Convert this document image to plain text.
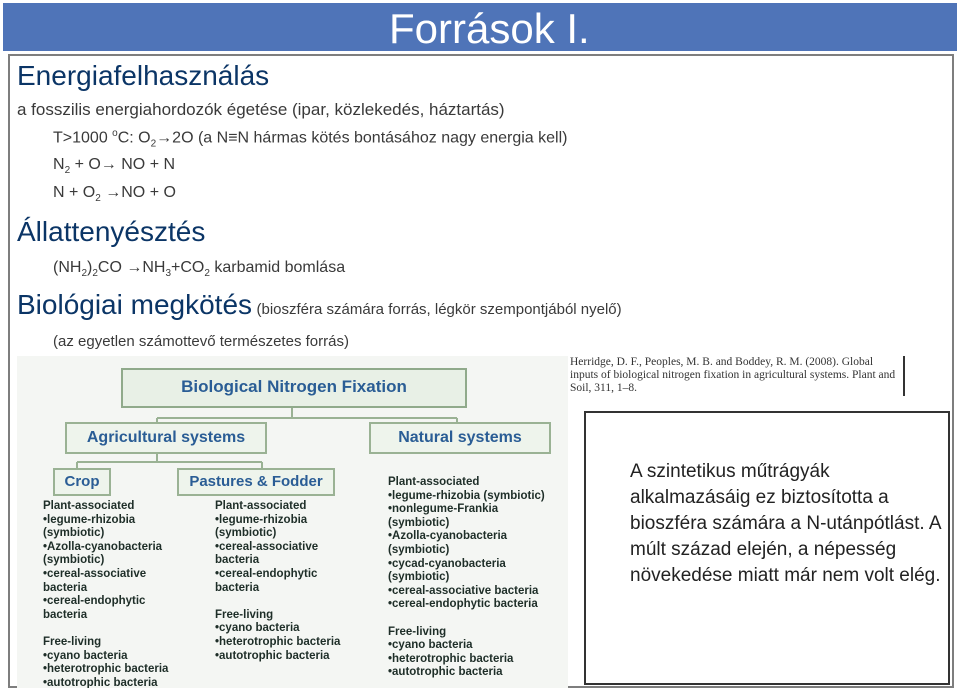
Források I.
Energiafelhasználás
a fosszilis energiahordozók égetése (ipar, közlekedés, háztartás)
T>1000 $^o$C: $O_2\to 2O$ (a N≡N hármas kötés bontásához nagy energia kell)
$N_2 + O\to$ NO + N
$N + O_2 \to NO + O$
Állattenyésztés
$(NH_2)_2CO \to NH_3+CO_2$ karbamid bomlása
Biológiai megkötés (bioszféra számára forrás, légkör szempontjából nyelő)
(az egyetlen számottevő természetes forrás)
Biological Nitrogen Fixation
Agricultural systems	Natural systems
Crop	Pastures & Fodder
Plant-associated
•legume-rhizobia
(symbiotic)
•Azolla-cyanobacteria
(symbiotic)
•cereal-associative
bacteria
•cereal-endophytic
bacteria

Free-living
•cyano bacteria
•heterotrophic bacteria
•autotrophic bacteria
Plant-associated
•legume-rhizobia
(symbiotic)
•cereal-associative
bacteria
•cereal-endophytic
bacteria

Free-living
•cyano bacteria
•heterotrophic bacteria
•autotrophic bacteria
Plant-associated
•legume-rhizobia (symbiotic)
•nonlegume-Frankia
(symbiotic)
•Azolla-cyanobacteria
(symbiotic)
•cycad-cyanobacteria
(symbiotic)
•cereal-associative bacteria
•cereal-endophytic bacteria

Free-living
•cyano bacteria
•heterotrophic bacteria
•autotrophic bacteria
Herridge, D. F., Peoples, M. B. and Boddey, R. M. (2008). Global inputs of biological nitrogen fixation in agricultural systems. Plant and Soil, 311, 1–8.

A szintetikus műtrágyák alkalmazásáig ez biztosította a bioszféra számára a N-utánpótlást. A múlt század elején, a népesség növekedése miatt már nem volt elég.
